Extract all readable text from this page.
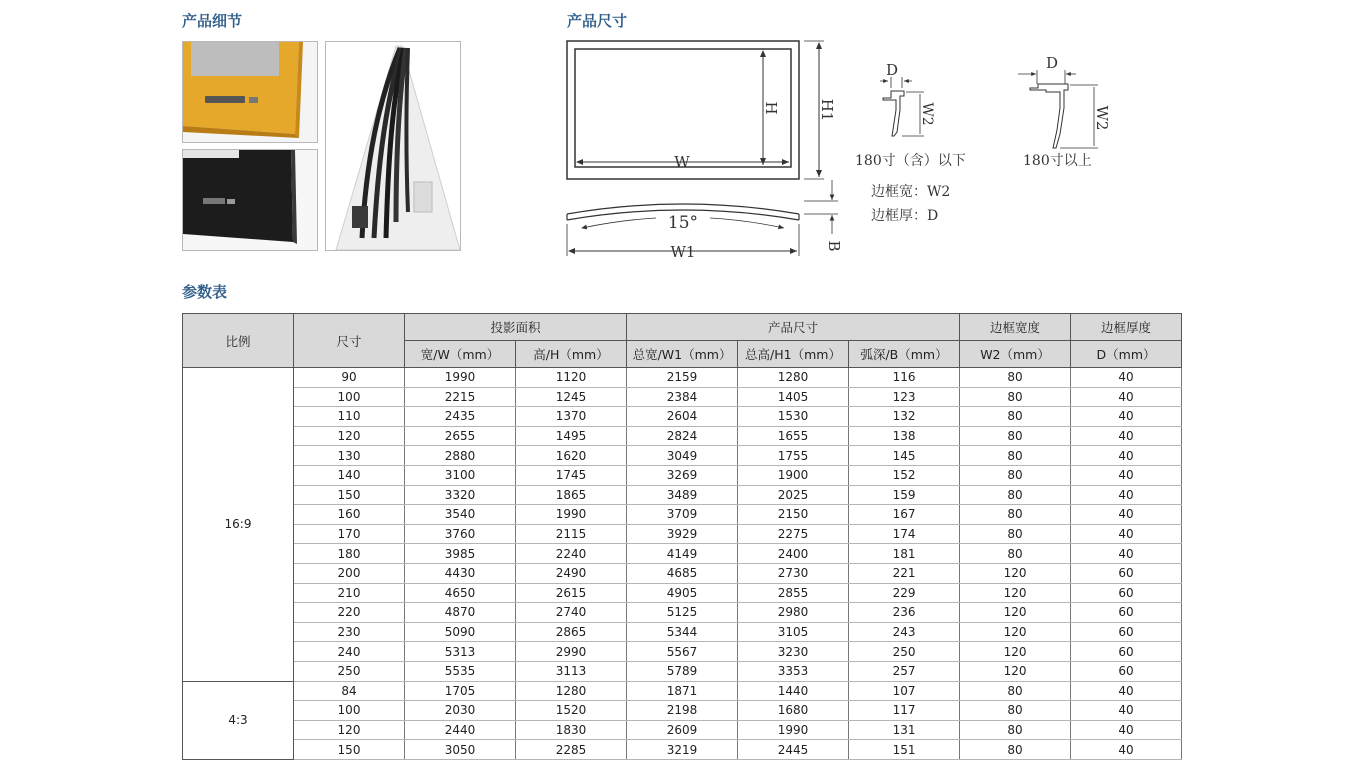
产品细节	产品尺寸
参数表
W
H	H1
15°
W1	B
D
W2
D
W2
180寸（含）以下	180寸以上
边框宽：W2
边框厚：D
比例	尺寸	投影面积		产品尺寸			边框宽度	边框厚度
		宽/W（mm）	高/H（mm）	总宽/W1（mm）	总高/H1（mm）	弧深/B（mm）	W2（mm）	D（mm）
16:9	90	1990	1120	2159	1280	116	80	40
	100	2215	1245	2384	1405	123	80	40
	110	2435	1370	2604	1530	132	80	40
	120	2655	1495	2824	1655	138	80	40
	130	2880	1620	3049	1755	145	80	40
	140	3100	1745	3269	1900	152	80	40
	150	3320	1865	3489	2025	159	80	40
	160	3540	1990	3709	2150	167	80	40
	170	3760	2115	3929	2275	174	80	40
	180	3985	2240	4149	2400	181	80	40
	200	4430	2490	4685	2730	221	120	60
	210	4650	2615	4905	2855	229	120	60
	220	4870	2740	5125	2980	236	120	60
	230	5090	2865	5344	3105	243	120	60
	240	5313	2990	5567	3230	250	120	60
	250	5535	3113	5789	3353	257	120	60
4:3	84	1705	1280	1871	1440	107	80	40
	100	2030	1520	2198	1680	117	80	40
	120	2440	1830	2609	1990	131	80	40
	150	3050	2285	3219	2445	151	80	40
